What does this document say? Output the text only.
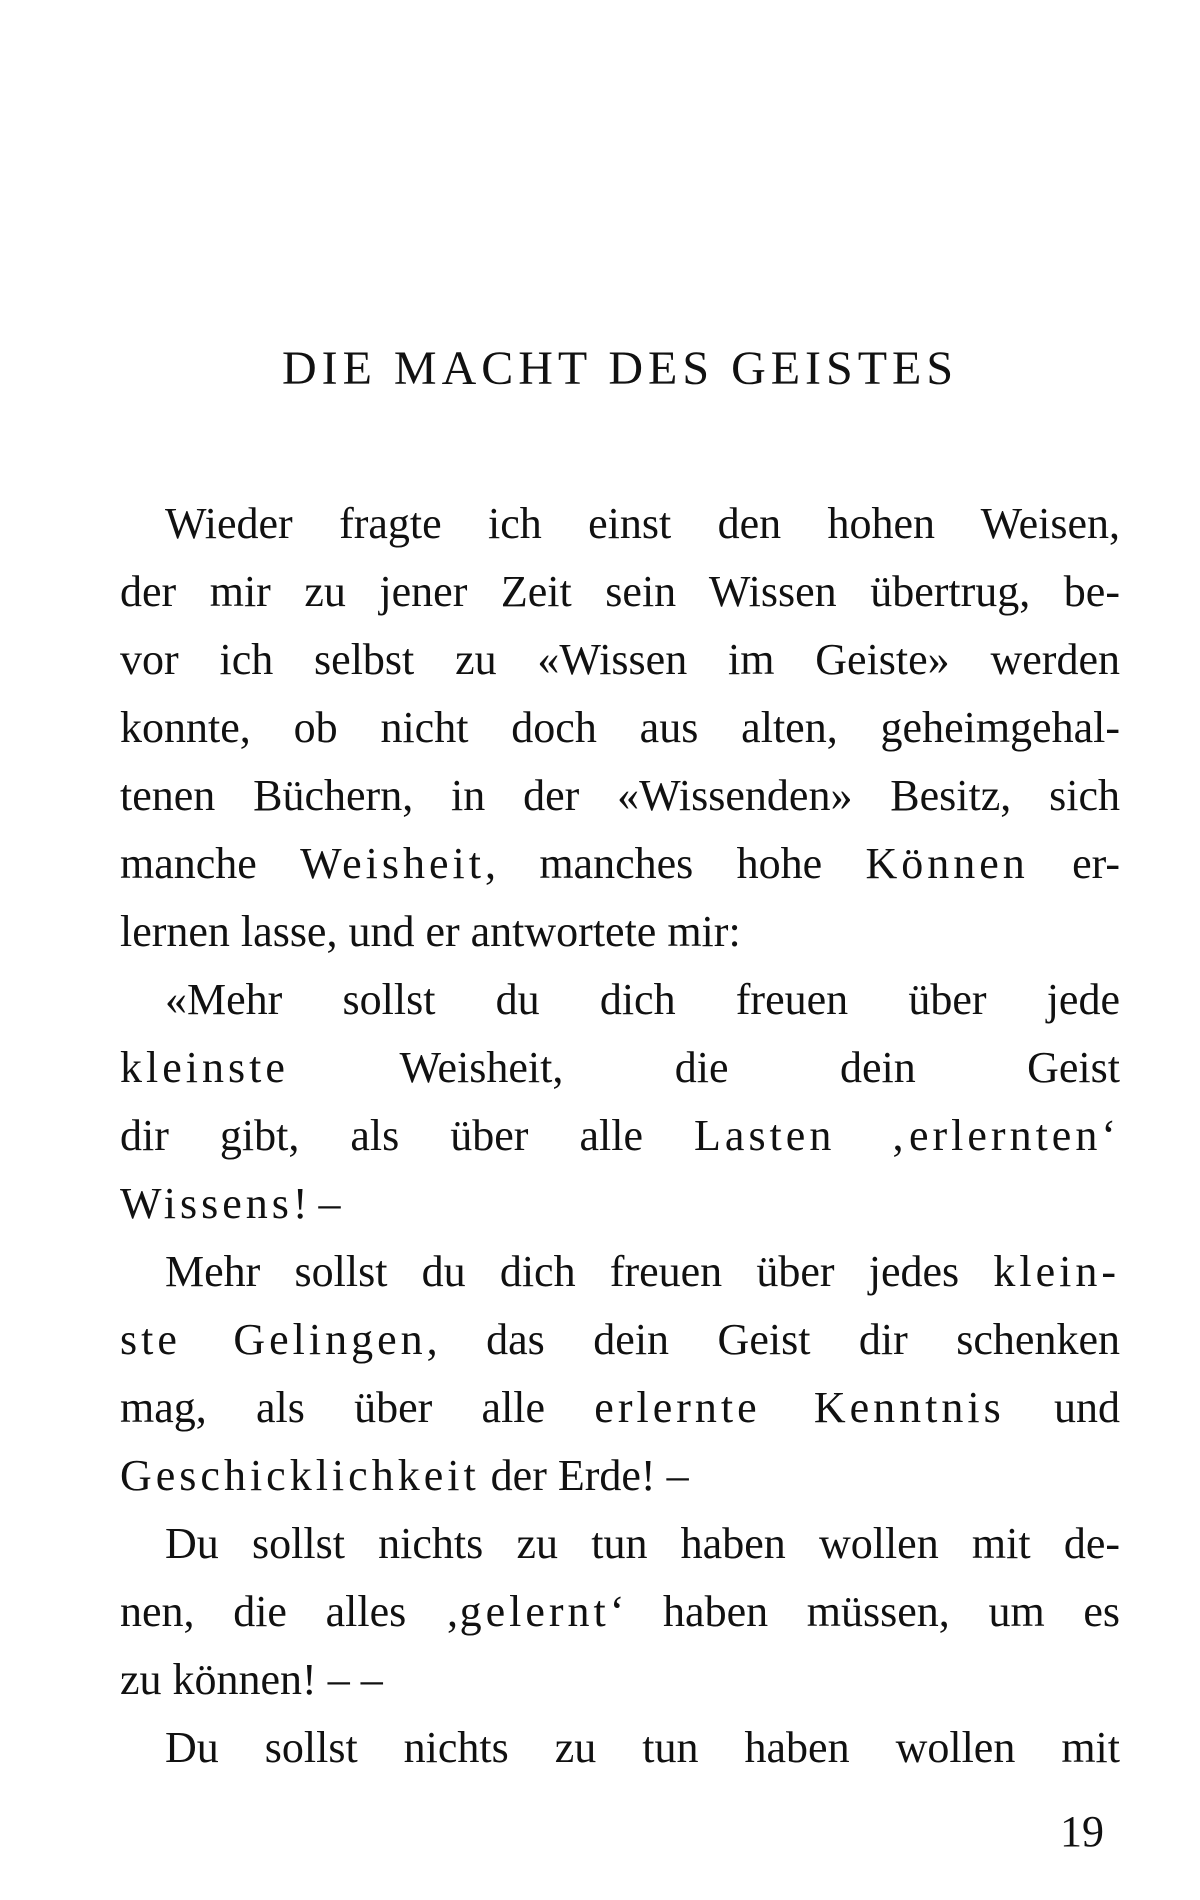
DIE MACHT DES GEISTES
Wieder fragte ich einst den hohen Weisen,
der mir zu jener Zeit sein Wissen übertrug, be-
vor ich selbst zu «Wissen im Geiste» werden
konnte, ob nicht doch aus alten, geheimgehal-
tenen Büchern, in der «Wissenden» Besitz, sich
manche Weisheit, manches hohe Können er-
lernen lasse, und er antwortete mir:
«Mehr sollst du dich freuen über jede
kleinste Weisheit, die dein Geist
dir gibt, als über alle Lasten ‚erlernten‘
Wissens! –
Mehr sollst du dich freuen über jedes klein-
ste Gelingen, das dein Geist dir schenken
mag, als über alle erlernte Kenntnis und
Geschicklichkeit der Erde! –
Du sollst nichts zu tun haben wollen mit de-
nen, die alles ‚gelernt‘ haben müssen, um es
zu können! – –
Du sollst nichts zu tun haben wollen mit
19
